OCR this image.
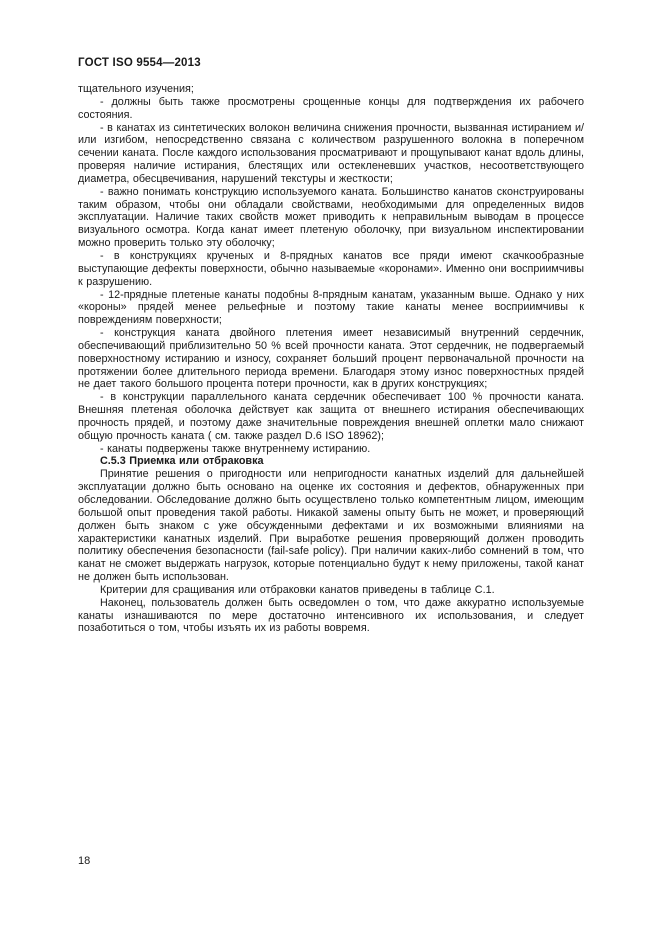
ГОСТ ISO 9554—2013

тщательного изучения;

- должны быть также просмотрены срощенные концы для подтверждения их рабочего состояния.

- в канатах из синтетических волокон величина снижения прочности, вызванная истиранием и/или изгибом, непосредственно связана с количеством разрушенного волокна в поперечном сечении каната. После каждого использования просматривают и прощупывают канат вдоль длины, проверяя наличие истирания, блестящих или остекленевших участков, несоответствующего диаметра, обесцвечивания, нарушений текстуры и жесткости;

- важно понимать конструкцию используемого каната. Большинство канатов сконструированы таким образом, чтобы они обладали свойствами, необходимыми для определенных видов эксплуатации. Наличие таких свойств может приводить к неправильным выводам в процессе визуального осмотра. Когда канат имеет плетеную оболочку, при визуальном инспектировании можно проверить только эту оболочку;

- в конструкциях крученых и 8-прядных канатов все пряди имеют скачкообразные выступающие дефекты поверхности, обычно называемые «коронами». Именно они восприимчивы к разрушению.

- 12-прядные плетеные канаты подобны 8-прядным канатам, указанным выше. Однако у них «короны» прядей менее рельефные и поэтому такие канаты менее восприимчивы к повреждениям поверхности;

- конструкция каната двойного плетения имеет независимый внутренний сердечник, обеспечивающий приблизительно 50 % всей прочности каната. Этот сердечник, не подвергаемый поверхностному истиранию и износу, сохраняет больший процент первоначальной прочности на протяжении более длительного периода времени. Благодаря этому износ поверхностных прядей не дает такого большого процента потери прочности, как в других конструкциях;

- в конструкции параллельного каната сердечник обеспечивает 100 % прочности каната. Внешняя плетеная оболочка действует как защита от внешнего истирания обеспечивающих прочность прядей, и поэтому даже значительные повреждения внешней оплетки мало снижают общую прочность каната ( см. также раздел D.6 ISO 18962);

- канаты подвержены также внутреннему истиранию.

С.5.3 Приемка или отбраковка

Принятие решения о пригодности или непригодности канатных изделий для дальнейшей эксплуатации должно быть основано на оценке их состояния и дефектов, обнаруженных при обследовании. Обследование должно быть осуществлено только компетентным лицом, имеющим большой опыт проведения такой работы. Никакой замены опыту быть не может, и проверяющий должен быть знаком с уже обсужденными дефектами и их возможными влияниями на характеристики канатных изделий. При выработке решения проверяющий должен проводить политику обеспечения безопасности (fail-safe policy). При наличии каких-либо сомнений в том, что канат не сможет выдержать нагрузок, которые потенциально будут к нему приложены, такой канат не должен быть использован.

Критерии для сращивания или отбраковки канатов приведены в таблице С.1.

Наконец, пользователь должен быть осведомлен о том, что даже аккуратно используемые канаты изнашиваются по мере достаточно интенсивного их использования, и следует позаботиться о том, чтобы изъять их из работы вовремя.

18
